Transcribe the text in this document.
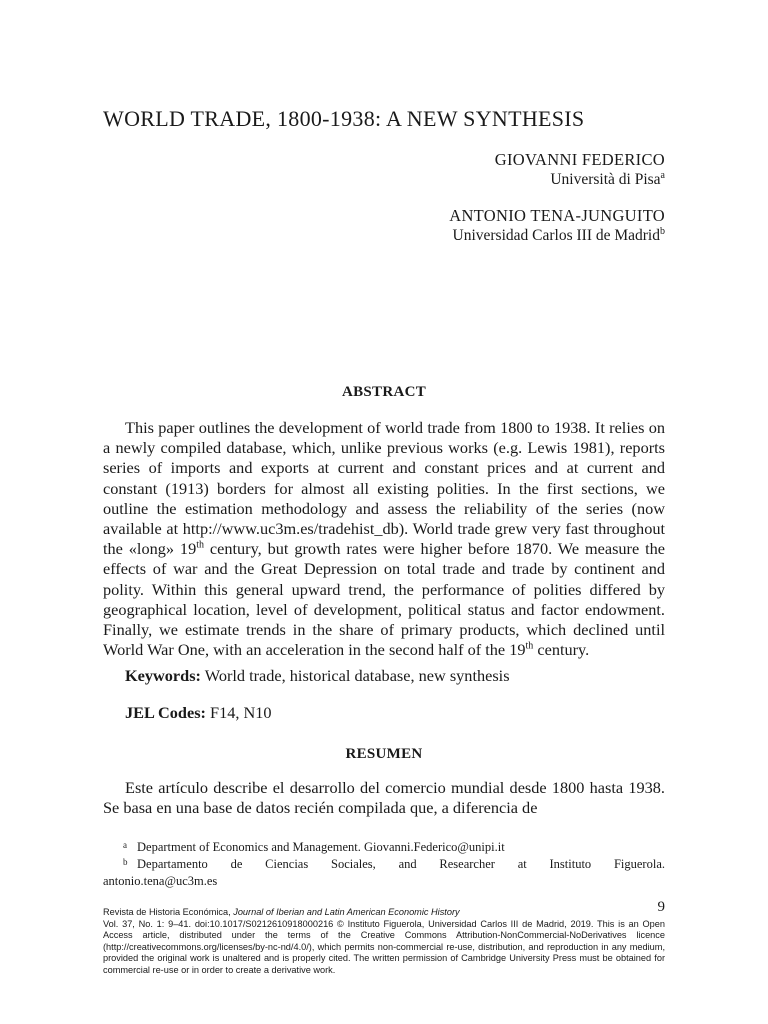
WORLD TRADE, 1800-1938: A NEW SYNTHESIS
GIOVANNI FEDERICO
Università di Pisa$^a$
ANTONIO TENA-JUNGUITO
Universidad Carlos III de Madrid$^b$
ABSTRACT
This paper outlines the development of world trade from 1800 to 1938. It relies on a newly compiled database, which, unlike previous works (e.g. Lewis 1981), reports series of imports and exports at current and constant prices and at current and constant (1913) borders for almost all existing polities. In the first sections, we outline the estimation methodology and assess the reliability of the series (now available at http://www.uc3m.es/tradehist_db). World trade grew very fast throughout the «long» 19th century, but growth rates were higher before 1870. We measure the effects of war and the Great Depression on total trade and trade by continent and polity. Within this general upward trend, the performance of polities differed by geographical location, level of development, political status and factor endowment. Finally, we estimate trends in the share of primary products, which declined until World War One, with an acceleration in the second half of the 19th century.
Keywords: World trade, historical database, new synthesis
JEL Codes: F14, N10
RESUMEN
Este artículo describe el desarrollo del comercio mundial desde 1800 hasta 1938. Se basa en una base de datos recién compilada que, a diferencia de
a Department of Economics and Management. Giovanni.Federico@unipi.it
b Departamento de Ciencias Sociales, and Researcher at Instituto Figuerola.
antonio.tena@uc3m.es
9
Revista de Historia Económica, Journal of Iberian and Latin American Economic History
Vol. 37, No. 1: 9–41. doi:10.1017/S0212610918000216 © Instituto Figuerola, Universidad Carlos III de Madrid, 2019. This is an Open Access article, distributed under the terms of the Creative Commons Attribution-NonCommercial-NoDerivatives licence (http://creativecommons.org/licenses/by-nc-nd/4.0/), which permits non-commercial re-use, distribution, and reproduction in any medium, provided the original work is unaltered and is properly cited. The written permission of Cambridge University Press must be obtained for commercial re-use or in order to create a derivative work.
